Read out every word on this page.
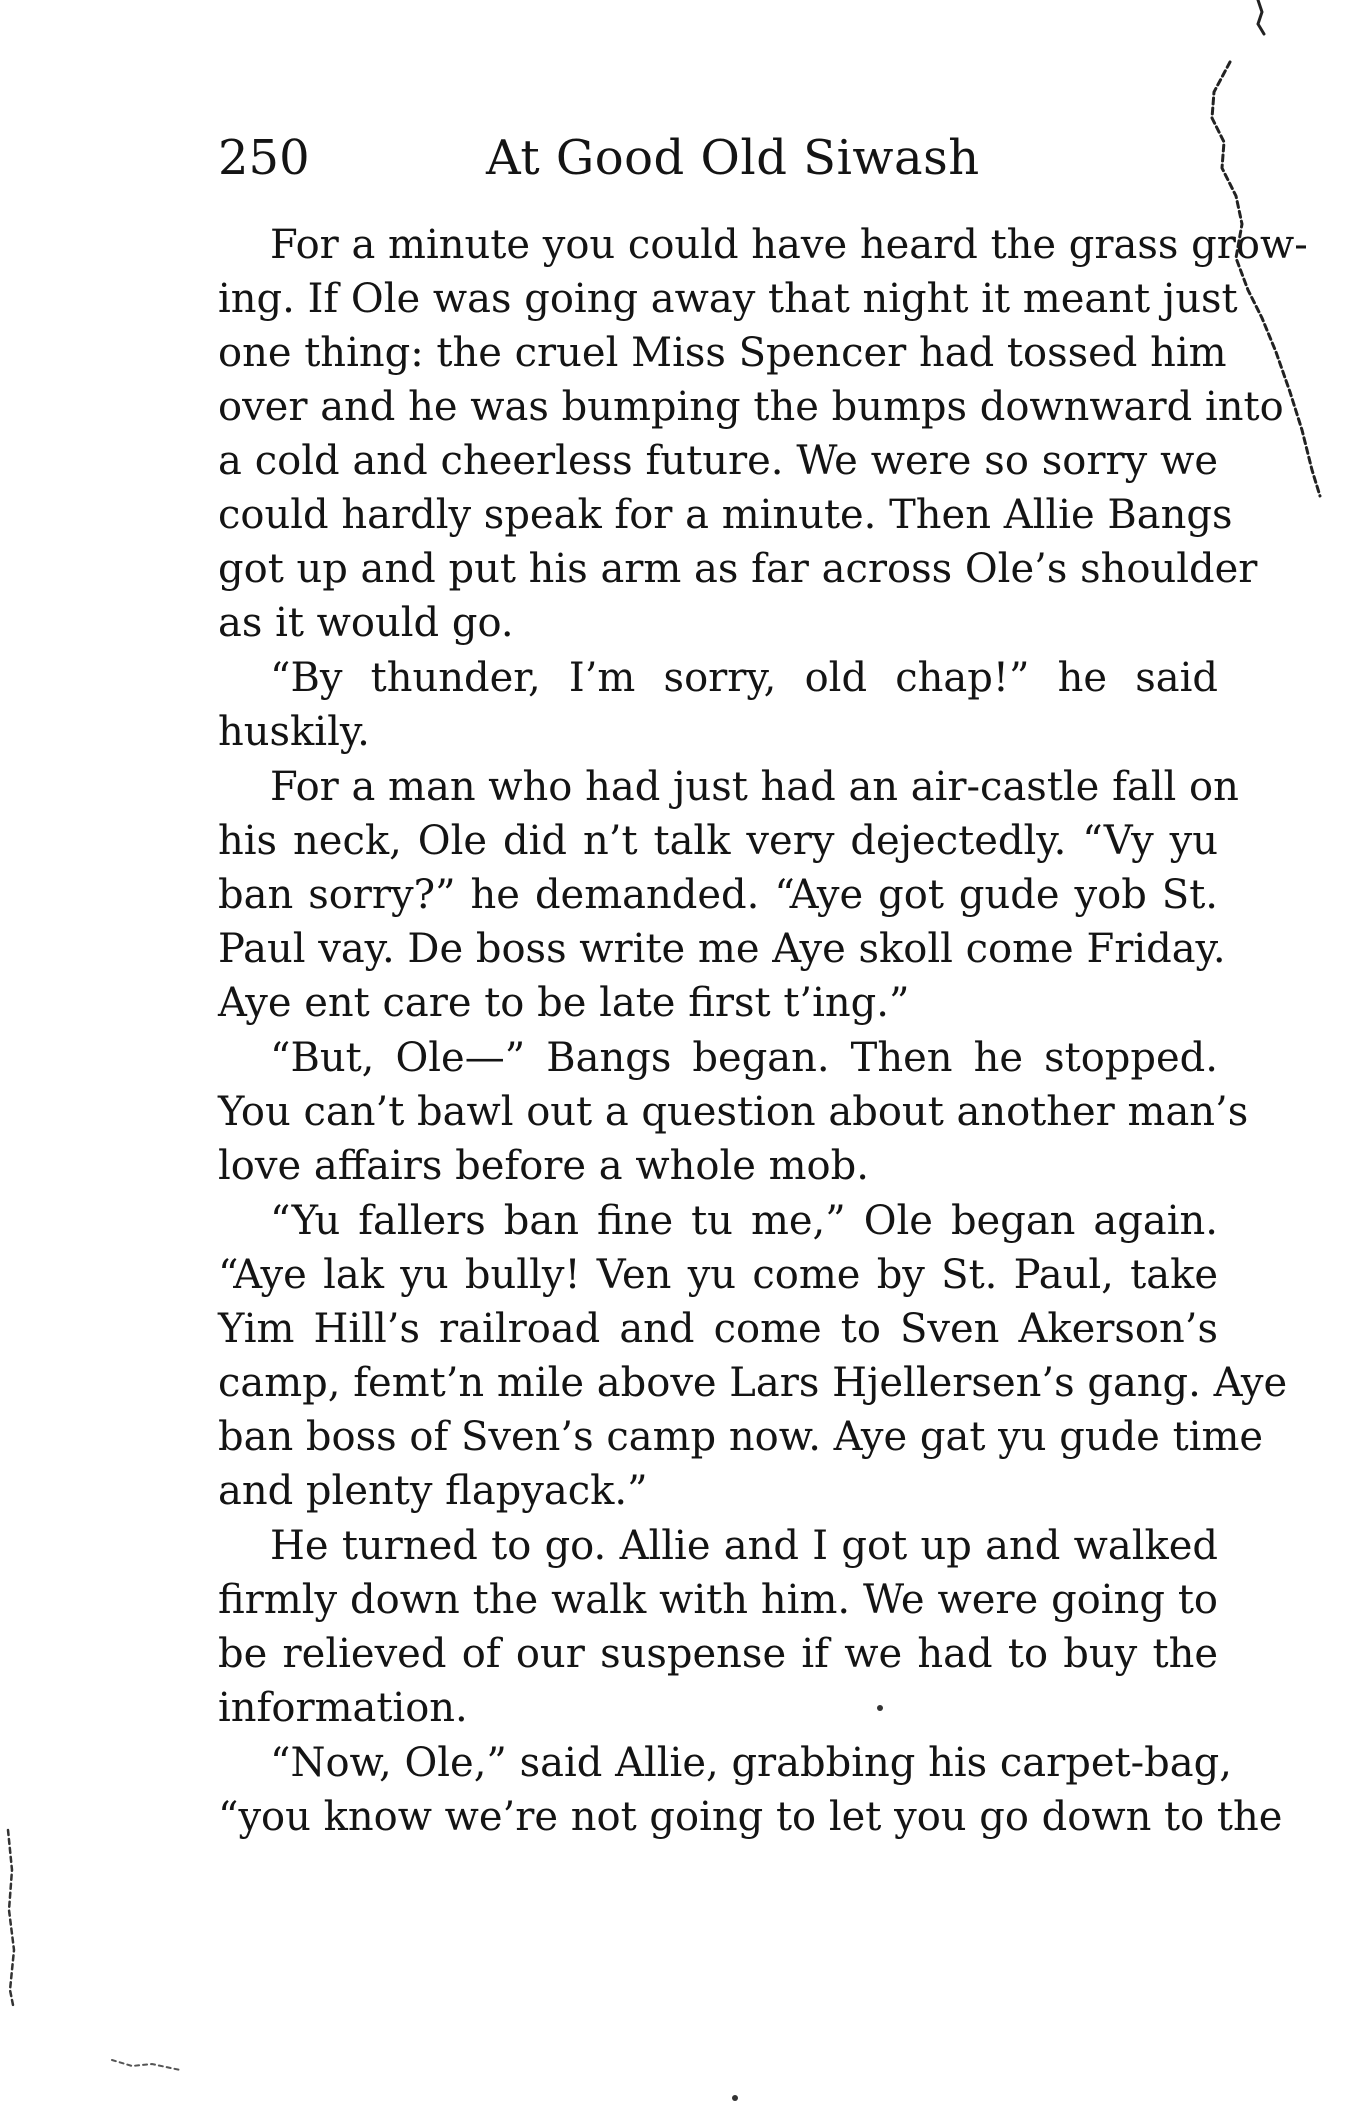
250	At Good Old Siwash
For a minute you could have heard the grass grow-
ing. If Ole was going away that night it meant just
one thing: the cruel Miss Spencer had tossed him
over and he was bumping the bumps downward into
a cold and cheerless future. We were so sorry we
could hardly speak for a minute. Then Allie Bangs
got up and put his arm as far across Ole’s shoulder
as it would go.
“By thunder, I’m sorry, old chap!” he said
huskily.
For a man who had just had an air-castle fall on
his neck, Ole did n’t talk very dejectedly. “Vy yu
ban sorry?” he demanded. “Aye got gude yob St.
Paul vay. De boss write me Aye skoll come Friday.
Aye ent care to be late first t’ing.”
“But, Ole—” Bangs began. Then he stopped.
You can’t bawl out a question about another man’s
love affairs before a whole mob.
“Yu fallers ban fine tu me,” Ole began again.
“Aye lak yu bully! Ven yu come by St. Paul, take
Yim Hill’s railroad and come to Sven Akerson’s
camp, femt’n mile above Lars Hjellersen’s gang. Aye
ban boss of Sven’s camp now. Aye gat yu gude time
and plenty flapyack.”
He turned to go. Allie and I got up and walked
firmly down the walk with him. We were going to
be relieved of our suspense if we had to buy the
information.
“Now, Ole,” said Allie, grabbing his carpet-bag,
“you know we’re not going to let you go down to the
